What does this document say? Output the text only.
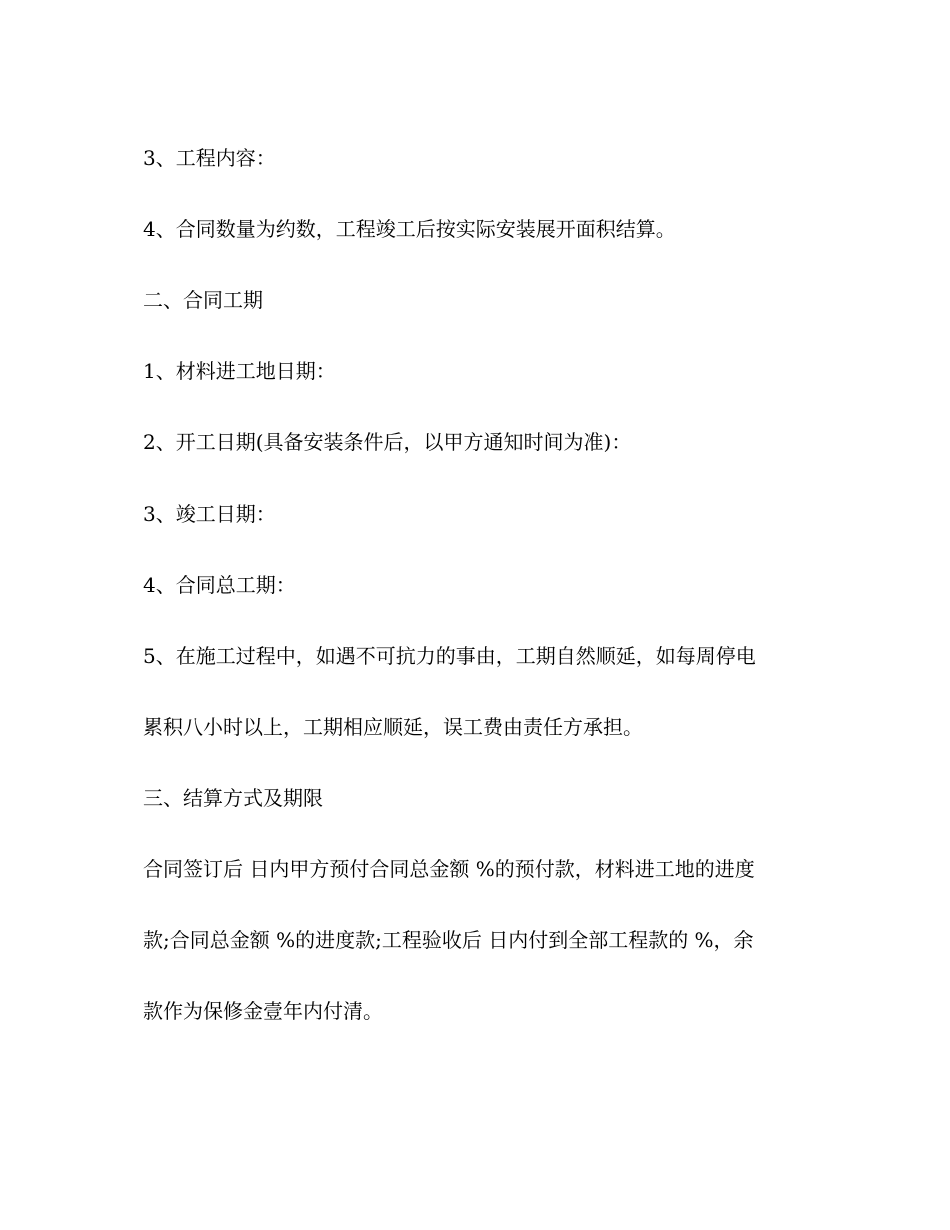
3、工程内容：
4、合同数量为约数，工程竣工后按实际安装展开面积结算。
二、合同工期
1、材料进工地日期：
2、开工日期(具备安装条件后，以甲方通知时间为准)：
3、竣工日期：
4、合同总工期：
5、在施工过程中，如遇不可抗力的事由，工期自然顺延，如每周停电
累积八小时以上，工期相应顺延，误工费由责任方承担。
三、结算方式及期限
合同签订后 日内甲方预付合同总金额 %的预付款，材料进工地的进度
款;合同总金额 %的进度款;工程验收后 日内付到全部工程款的 %，余
款作为保修金壹年内付清。
